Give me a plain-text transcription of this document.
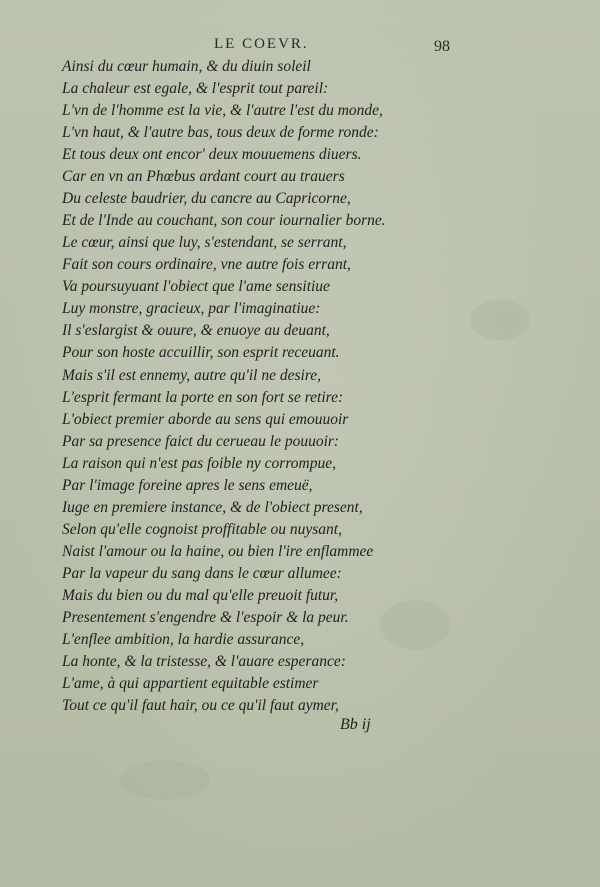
LE COEVR.	98
Ainsi du cœur humain, & du diuin soleil
La chaleur est egale, & l'esprit tout pareil:
L'vn de l'homme est la vie, & l'autre l'est du monde,
L'vn haut, & l'autre bas, tous deux de forme ronde:
Et tous deux ont encor' deux mouuemens diuers.
Car en vn an Phœbus ardant court au trauers
Du celeste baudrier, du cancre au Capricorne,
Et de l'Inde au couchant, son cour iournalier borne.
Le cœur, ainsi que luy, s'estendant, se serrant,
Fait son cours ordinaire, vne autre fois errant,
Va poursuyuant l'obiect que l'ame sensitiue
Luy monstre, gracieux, par l'imaginatiue:
Il s'eslargist & ouure, & enuoye au deuant,
Pour son hoste accuillir, son esprit receuant.
Mais s'il est ennemy, autre qu'il ne desire,
L'esprit fermant la porte en son fort se retire:
L'obiect premier aborde au sens qui emouuoir
Par sa presence faict du cerueau le pouuoir:
La raison qui n'est pas foible ny corrompue,
Par l'image foreine apres le sens emeuë,
Iuge en premiere instance, & de l'obiect present,
Selon qu'elle cognoist proffitable ou nuysant,
Naist l'amour ou la haine, ou bien l'ire enflammee
Par la vapeur du sang dans le cœur allumee:
Mais du bien ou du mal qu'elle preuoit futur,
Presentement s'engendre & l'espoir & la peur.
L'enflee ambition, la hardie assurance,
La honte, & la tristesse, & l'auare esperance:
L'ame, à qui appartient equitable estimer
Tout ce qu'il faut hair, ou ce qu'il faut aymer,
Bb ij
